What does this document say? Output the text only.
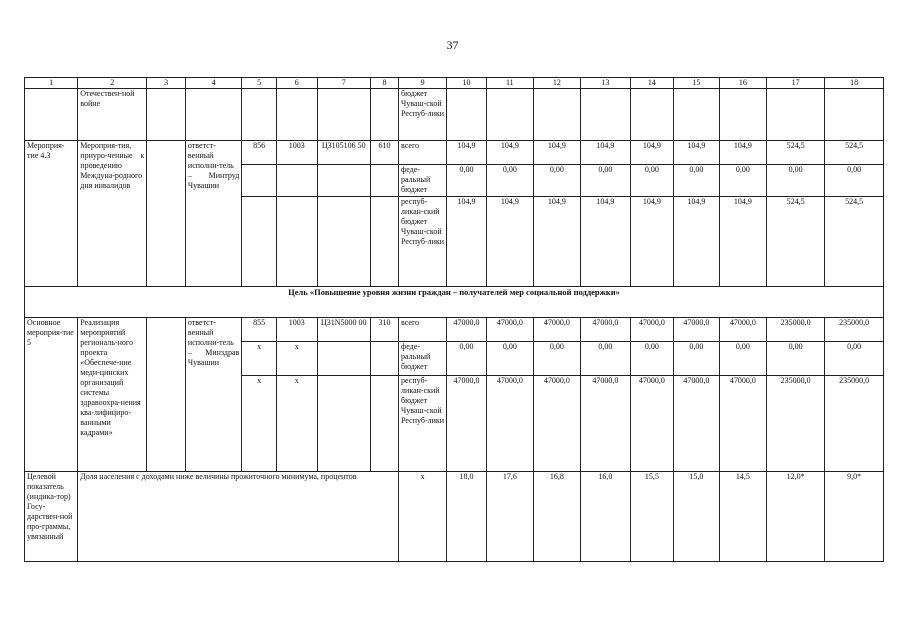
37
1	2	3	4	5	6	7	8	9	10	11	12	13	14	15	16	17	18
	Отечествен-ной войне							бюджет Чуваш-ской Респуб-лики									
Мероприя-тие 4.3	Мероприя-тия, приуро-ченные к проведению Междуна-родного дня инвалидов		ответст-венный исполни-тель – Минтруд Чувашии	856	1003	Ц3105106 50	610	всего	104,9	104,9	104,9	104,9	104,9	104,9	104,9	524,5	524,5
								феде-ральный бюджет	0,00	0,00	0,00	0,00	0,00	0,00	0,00	0,00	0,00
								респуб-ликан-ский бюджет Чуваш-ской Респуб-лики	104,9	104,9	104,9	104,9	104,9	104,9	104,9	524,5	524,5
Цель «Повышение уровня жизни граждан – получателей мер социальной поддержки»																	
Основное мероприя-тие 5	Реализация мероприятий региональ-ного проекта «Обеспече-ние меди-цинских организаций системы здравоохра-нения ква-лифициро-ванными кадрами»		ответст-венный исполни-тель – Минздрав Чувашии	855	1003	Ц31N5000 00	310	всего	47000,0	47000,0	47000,0	47000,0	47000,0	47000,0	47000,0	235000,0	235000,0
				x	x			феде-ральный бюджет	0,00	0,00	0,00	0,00	0,00	0,00	0,00	0,00	0,00
				x	x			респуб-ликан-ский бюджет Чуваш-ской Респуб-лики	47000,0	47000,0	47000,0	47000,0	47000,0	47000,0	47000,0	235000,0	235000,0
Целевой показатель (индика-тор) Госу-дарствен-ной про-граммы, увязанный	Доля населения с доходами ниже величины прожиточного минимума, процентов							x	18,0	17,6	16,8	16,0	15,5	15,0	14,5	12,0*	9,0*
